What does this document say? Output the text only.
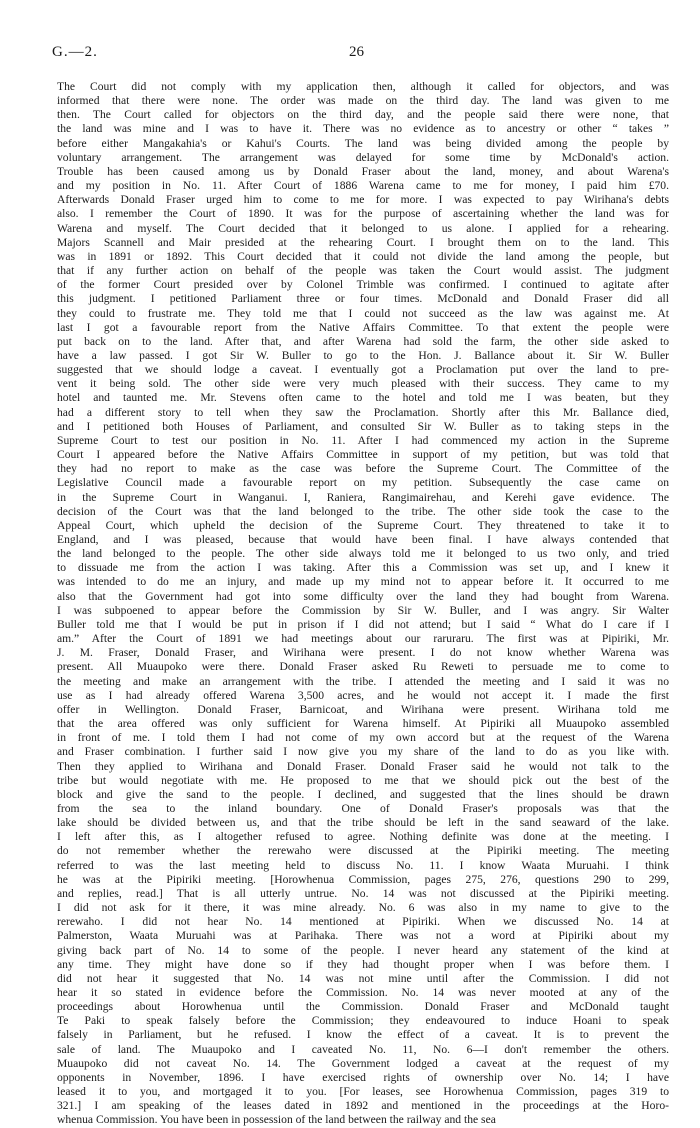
G.—2.	26
The Court did not comply with my application then, although it called for objectors, and was
informed that there were none. The order was made on the third day. The land was given to me
then. The Court called for objectors on the third day, and the people said there were none, that
the land was mine and I was to have it. There was no evidence as to ancestry or other “ takes ”
before either Mangakahia's or Kahui's Courts. The land was being divided among the people by
voluntary arrangement. The arrangement was delayed for some time by McDonald's action.
Trouble has been caused among us by Donald Fraser about the land, money, and about Warena's
and my position in No. 11. After Court of 1886 Warena came to me for money, I paid him £70.
Afterwards Donald Fraser urged him to come to me for more. I was expected to pay Wirihana's debts
also. I remember the Court of 1890. It was for the purpose of ascertaining whether the land was for
Warena and myself. The Court decided that it belonged to us alone. I applied for a rehearing.
Majors Scannell and Mair presided at the rehearing Court. I brought them on to the land. This
was in 1891 or 1892. This Court decided that it could not divide the land among the people, but
that if any further action on behalf of the people was taken the Court would assist. The judgment
of the former Court presided over by Colonel Trimble was confirmed. I continued to agitate after
this judgment. I petitioned Parliament three or four times. McDonald and Donald Fraser did all
they could to frustrate me. They told me that I could not succeed as the law was against me. At
last I got a favourable report from the Native Affairs Committee. To that extent the people were
put back on to the land. After that, and after Warena had sold the farm, the other side asked to
have a law passed. I got Sir W. Buller to go to the Hon. J. Ballance about it. Sir W. Buller
suggested that we should lodge a caveat. I eventually got a Proclamation put over the land to pre-
vent it being sold. The other side were very much pleased with their success. They came to my
hotel and taunted me. Mr. Stevens often came to the hotel and told me I was beaten, but they
had a different story to tell when they saw the Proclamation. Shortly after this Mr. Ballance died,
and I petitioned both Houses of Parliament, and consulted Sir W. Buller as to taking steps in the
Supreme Court to test our position in No. 11. After I had commenced my action in the Supreme
Court I appeared before the Native Affairs Committee in support of my petition, but was told that
they had no report to make as the case was before the Supreme Court. The Committee of the
Legislative Council made a favourable report on my petition. Subsequently the case came on
in the Supreme Court in Wanganui. I, Raniera, Rangimairehau, and Kerehi gave evidence. The
decision of the Court was that the land belonged to the tribe. The other side took the case to the
Appeal Court, which upheld the decision of the Supreme Court. They threatened to take it to
England, and I was pleased, because that would have been final. I have always contended that
the land belonged to the people. The other side always told me it belonged to us two only, and tried
to dissuade me from the action I was taking. After this a Commission was set up, and I knew it
was intended to do me an injury, and made up my mind not to appear before it. It occurred to me
also that the Government had got into some difficulty over the land they had bought from Warena.
I was subpoened to appear before the Commission by Sir W. Buller, and I was angry. Sir Walter
Buller told me that I would be put in prison if I did not attend; but I said “ What do I care if I
am.” After the Court of 1891 we had meetings about our raruraru. The first was at Pipiriki, Mr.
J. M. Fraser, Donald Fraser, and Wirihana were present. I do not know whether Warena was
present. All Muaupoko were there. Donald Fraser asked Ru Reweti to persuade me to come to
the meeting and make an arrangement with the tribe. I attended the meeting and I said it was no
use as I had already offered Warena 3,500 acres, and he would not accept it. I made the first
offer in Wellington. Donald Fraser, Barnicoat, and Wirihana were present. Wirihana told me
that the area offered was only sufficient for Warena himself. At Pipiriki all Muaupoko assembled
in front of me. I told them I had not come of my own accord but at the request of the Warena
and Fraser combination. I further said I now give you my share of the land to do as you like with.
Then they applied to Wirihana and Donald Fraser. Donald Fraser said he would not talk to the
tribe but would negotiate with me. He proposed to me that we should pick out the best of the
block and give the sand to the people. I declined, and suggested that the lines should be drawn
from the sea to the inland boundary. One of Donald Fraser's proposals was that the
lake should be divided between us, and that the tribe should be left in the sand seaward of the lake.
I left after this, as I altogether refused to agree. Nothing definite was done at the meeting. I
do not remember whether the rerewaho were discussed at the Pipiriki meeting. The meeting
referred to was the last meeting held to discuss No. 11. I know Waata Muruahi. I think
he was at the Pipiriki meeting. [Horowhenua Commission, pages 275, 276, questions 290 to 299,
and replies, read.] That is all utterly untrue. No. 14 was not discussed at the Pipiriki meeting.
I did not ask for it there, it was mine already. No. 6 was also in my name to give to the
rerewaho. I did not hear No. 14 mentioned at Pipiriki. When we discussed No. 14 at
Palmerston, Waata Muruahi was at Parihaka. There was not a word at Pipiriki about my
giving back part of No. 14 to some of the people. I never heard any statement of the kind at
any time. They might have done so if they had thought proper when I was before them. I
did not hear it suggested that No. 14 was not mine until after the Commission. I did not
hear it so stated in evidence before the Commission. No. 14 was never mooted at any of the
proceedings about Horowhenua until the Commission. Donald Fraser and McDonald taught
Te Paki to speak falsely before the Commission; they endeavoured to induce Hoani to speak
falsely in Parliament, but he refused. I know the effect of a caveat. It is to prevent the
sale of land. The Muaupoko and I caveated No. 11, No. 6—I don't remember the others.
Muaupoko did not caveat No. 14. The Government lodged a caveat at the request of my
opponents in November, 1896. I have exercised rights of ownership over No. 14; I have
leased it to you, and mortgaged it to you. [For leases, see Horowhenua Commission, pages 319 to
321.] I am speaking of the leases dated in 1892 and mentioned in the proceedings at the Horo-
whenua Commission. You have been in possession of the land between the railway and the sea
